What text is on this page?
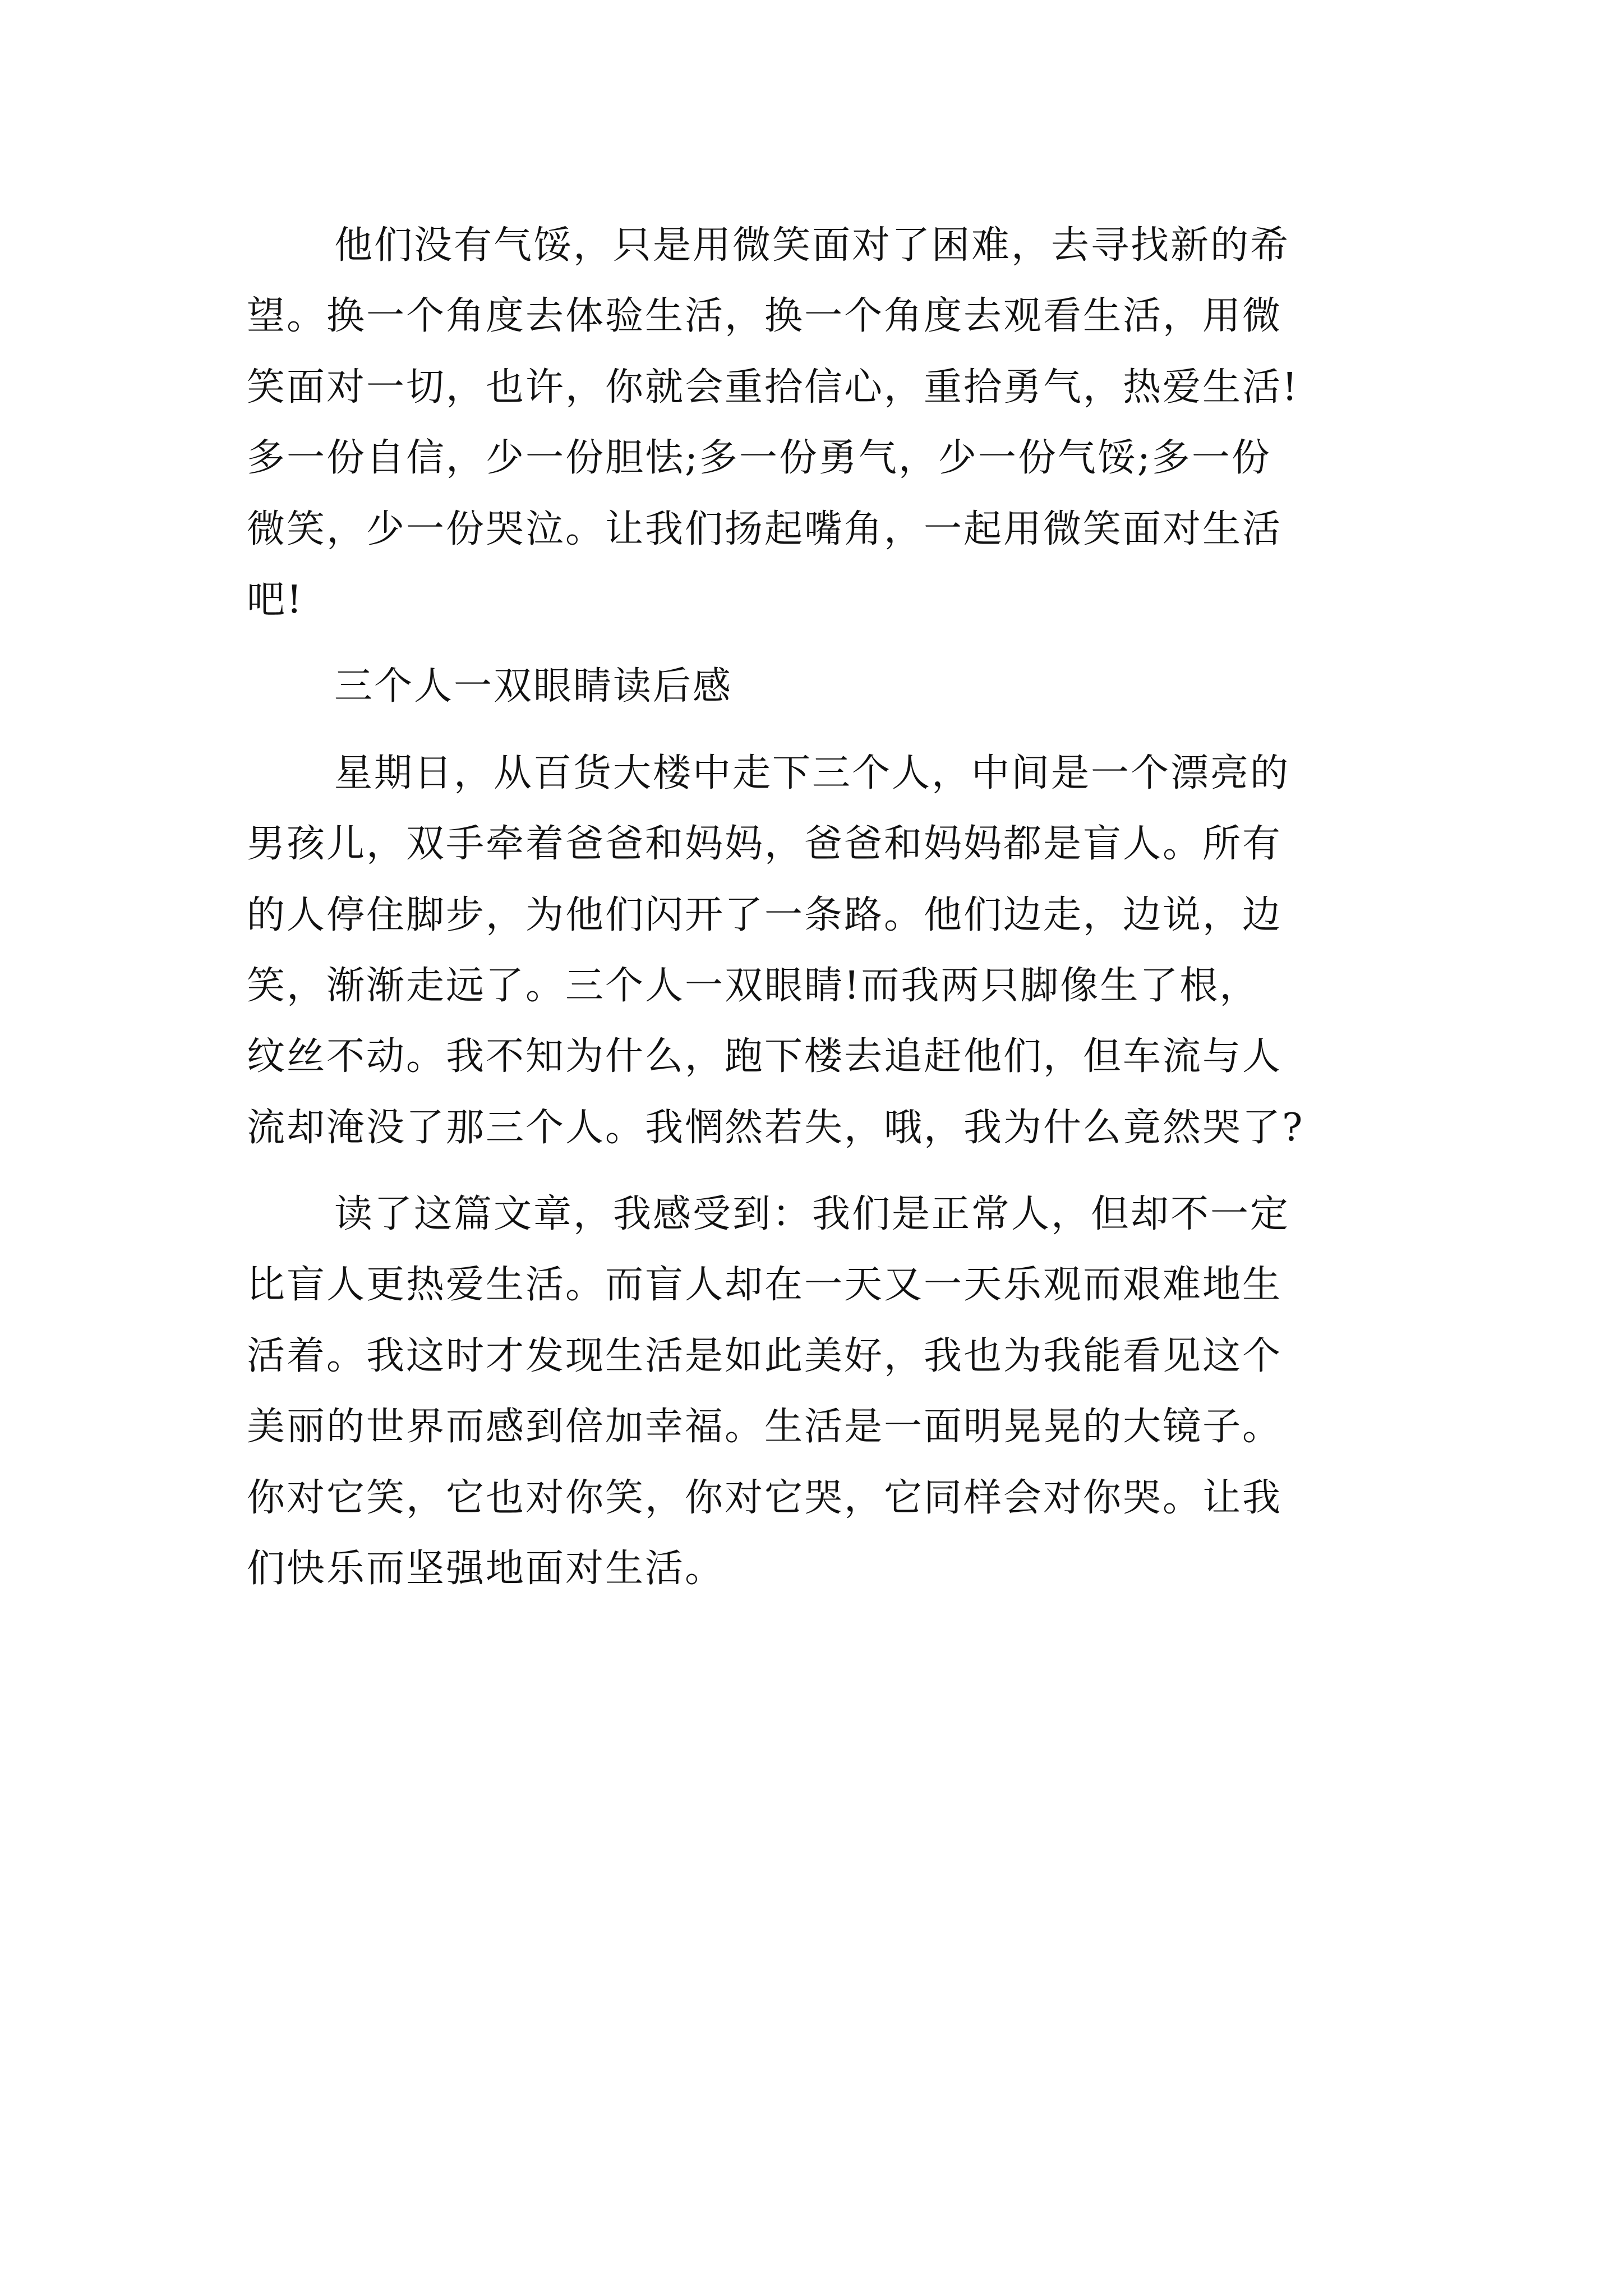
他们没有气馁，只是用微笑面对了困难，去寻找新的希
望。换一个角度去体验生活，换一个角度去观看生活，用微
笑面对一切，也许，你就会重拾信心，重拾勇气，热爱生活!
多一份自信，少一份胆怯;多一份勇气，少一份气馁;多一份
微笑，少一份哭泣。让我们扬起嘴角，一起用微笑面对生活
吧!
三个人一双眼睛读后感
星期日，从百货大楼中走下三个人，中间是一个漂亮的
男孩儿，双手牵着爸爸和妈妈，爸爸和妈妈都是盲人。所有
的人停住脚步，为他们闪开了一条路。他们边走，边说，边
笑，渐渐走远了。三个人一双眼睛!而我两只脚像生了根，
纹丝不动。我不知为什么，跑下楼去追赶他们，但车流与人
流却淹没了那三个人。我惘然若失，哦，我为什么竟然哭了?
读了这篇文章，我感受到：我们是正常人，但却不一定
比盲人更热爱生活。而盲人却在一天又一天乐观而艰难地生
活着。我这时才发现生活是如此美好，我也为我能看见这个
美丽的世界而感到倍加幸福。生活是一面明晃晃的大镜子。
你对它笑，它也对你笑，你对它哭，它同样会对你哭。让我
们快乐而坚强地面对生活。
